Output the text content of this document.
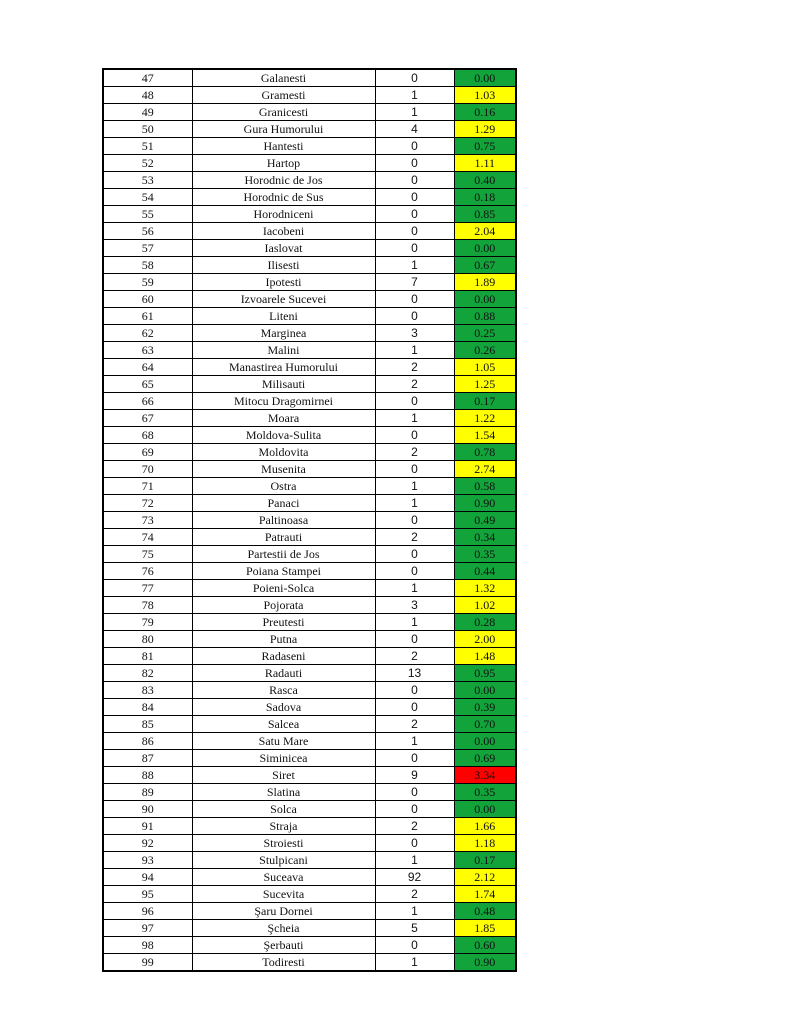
47	Galanesti	0	0.00
48	Gramesti	1	1.03
49	Granicesti	1	0.16
50	Gura Humorului	4	1.29
51	Hantesti	0	0.75
52	Hartop	0	1.11
53	Horodnic de Jos	0	0.40
54	Horodnic de Sus	0	0.18
55	Horodniceni	0	0.85
56	Iacobeni	0	2.04
57	Iaslovat	0	0.00
58	Ilisesti	1	0.67
59	Ipotesti	7	1.89
60	Izvoarele Sucevei	0	0.00
61	Liteni	0	0.88
62	Marginea	3	0.25
63	Malini	1	0.26
64	Manastirea Humorului	2	1.05
65	Milisauti	2	1.25
66	Mitocu Dragomirnei	0	0.17
67	Moara	1	1.22
68	Moldova-Sulita	0	1.54
69	Moldovita	2	0.78
70	Musenita	0	2.74
71	Ostra	1	0.58
72	Panaci	1	0.90
73	Paltinoasa	0	0.49
74	Patrauti	2	0.34
75	Partestii de Jos	0	0.35
76	Poiana Stampei	0	0.44
77	Poieni-Solca	1	1.32
78	Pojorata	3	1.02
79	Preutesti	1	0.28
80	Putna	0	2.00
81	Radaseni	2	1.48
82	Radauti	13	0.95
83	Rasca	0	0.00
84	Sadova	0	0.39
85	Salcea	2	0.70
86	Satu Mare	1	0.00
87	Siminicea	0	0.69
88	Siret	9	3.34
89	Slatina	0	0.35
90	Solca	0	0.00
91	Straja	2	1.66
92	Stroiesti	0	1.18
93	Stulpicani	1	0.17
94	Suceava	92	2.12
95	Sucevita	2	1.74
96	Şaru Dornei	1	0.48
97	Şcheia	5	1.85
98	Şerbauti	0	0.60
99	Todiresti	1	0.90
